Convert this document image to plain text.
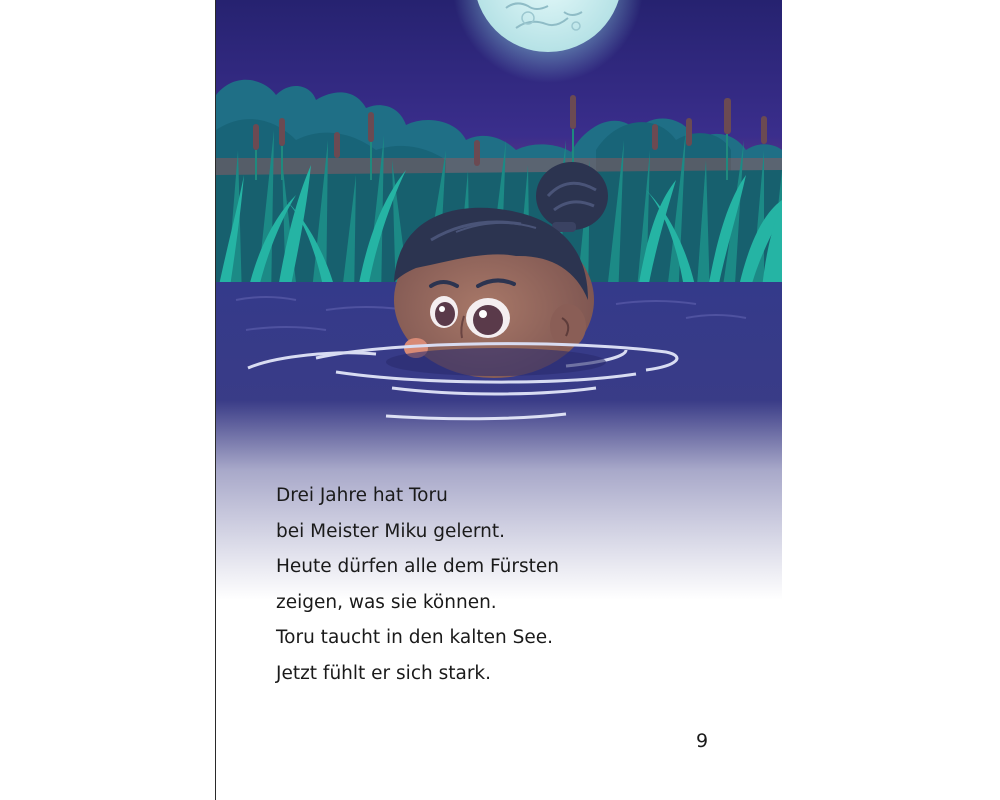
Drei Jahre hat Toru
bei Meister Miku gelernt.
Heute dürfen alle dem Fürsten
zeigen, was sie können.
Toru taucht in den kalten See.
Jetzt fühlt er sich stark.
9
